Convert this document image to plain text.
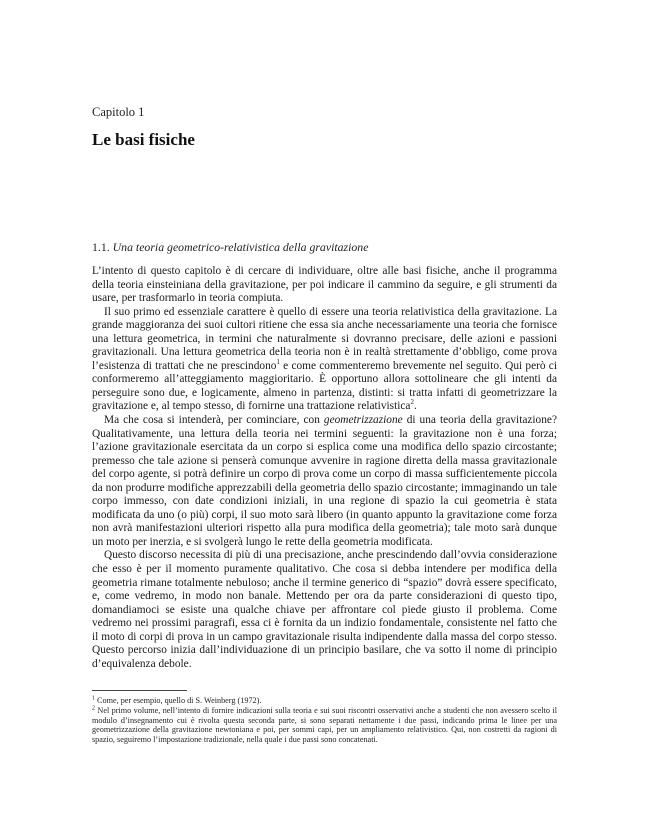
Capitolo 1
Le basi fisiche
1.1. Una teoria geometrico-relativistica della gravitazione

L’intento di questo capitolo è di cercare di individuare, oltre alle basi fisiche, anche il programma della teoria einsteiniana della gravitazione, per poi indicare il cammino da seguire, e gli strumenti da usare, per trasformarlo in teoria compiuta.

Il suo primo ed essenziale carattere è quello di essere una teoria relativistica della gravitazione. La grande maggioranza dei suoi cultori ritiene che essa sia anche necessariamente una teoria che fornisce una lettura geometrica, in termini che naturalmente si dovranno precisare, delle azioni e passioni gravitazionali. Una lettura geometrica della teoria non è in realtà strettamente d’obbligo, come prova l’esistenza di trattati che ne prescindono$^1$ e come commenteremo brevemente nel seguito. Qui però ci conformeremo all’atteggiamento maggioritario. È opportuno allora sottolineare che gli intenti da perseguire sono due, e logicamente, almeno in partenza, distinti: si tratta infatti di geometrizzare la gravitazione e, al tempo stesso, di fornirne una trattazione relativistica$^2$.

Ma che cosa si intenderà, per cominciare, con geometrizzazione di una teoria della gravitazione? Qualitativamente, una lettura della teoria nei termini seguenti: la gravitazione non è una forza; l’azione gravitazionale esercitata da un corpo si esplica come una modifica dello spazio circostante; premesso che tale azione si penserà comunque avvenire in ragione diretta della massa gravitazionale del corpo agente, si potrà definire un corpo di prova come un corpo di massa sufficientemente piccola da non produrre modifiche apprezzabili della geometria dello spazio circostante; immaginando un tale corpo immesso, con date condizioni iniziali, in una regione di spazio la cui geometria è stata modificata da uno (o più) corpi, il suo moto sarà libero (in quanto appunto la gravitazione come forza non avrà manifestazioni ulteriori rispetto alla pura modifica della geometria); tale moto sarà dunque un moto per inerzia, e si svolgerà lungo le rette della geometria modificata.

Questo discorso necessita di più di una precisazione, anche prescindendo dall’ovvia considerazione che esso è per il momento puramente qualitativo. Che cosa si debba intendere per modifica della geometria rimane totalmente nebuloso; anche il termine generico di “spazio” dovrà essere specificato, e, come vedremo, in modo non banale. Mettendo per ora da parte considerazioni di questo tipo, domandiamoci se esiste una qualche chiave per affrontare col piede giusto il problema. Come vedremo nei prossimi paragrafi, essa ci è fornita da un indizio fondamentale, consistente nel fatto che il moto di corpi di prova in un campo gravitazionale risulta indipendente dalla massa del corpo stesso. Questo percorso inizia dall’individuazione di un principio basilare, che va sotto il nome di principio d’equivalenza debole.

$^1$ Come, per esempio, quello di S. Weinberg (1972).

$^2$ Nel primo volume, nell’intento di fornire indicazioni sulla teoria e sui suoi riscontri osservativi anche a studenti che non avessero scelto il modulo d’insegnamento cui è rivolta questa seconda parte, si sono separati nettamente i due passi, indicando prima le linee per una geometrizzazione della gravitazione newtoniana e poi, per sommi capi, per un ampliamento relativistico. Qui, non costretti da ragioni di spazio, seguiremo l’impostazione tradizionale, nella quale i due passi sono concatenati.
